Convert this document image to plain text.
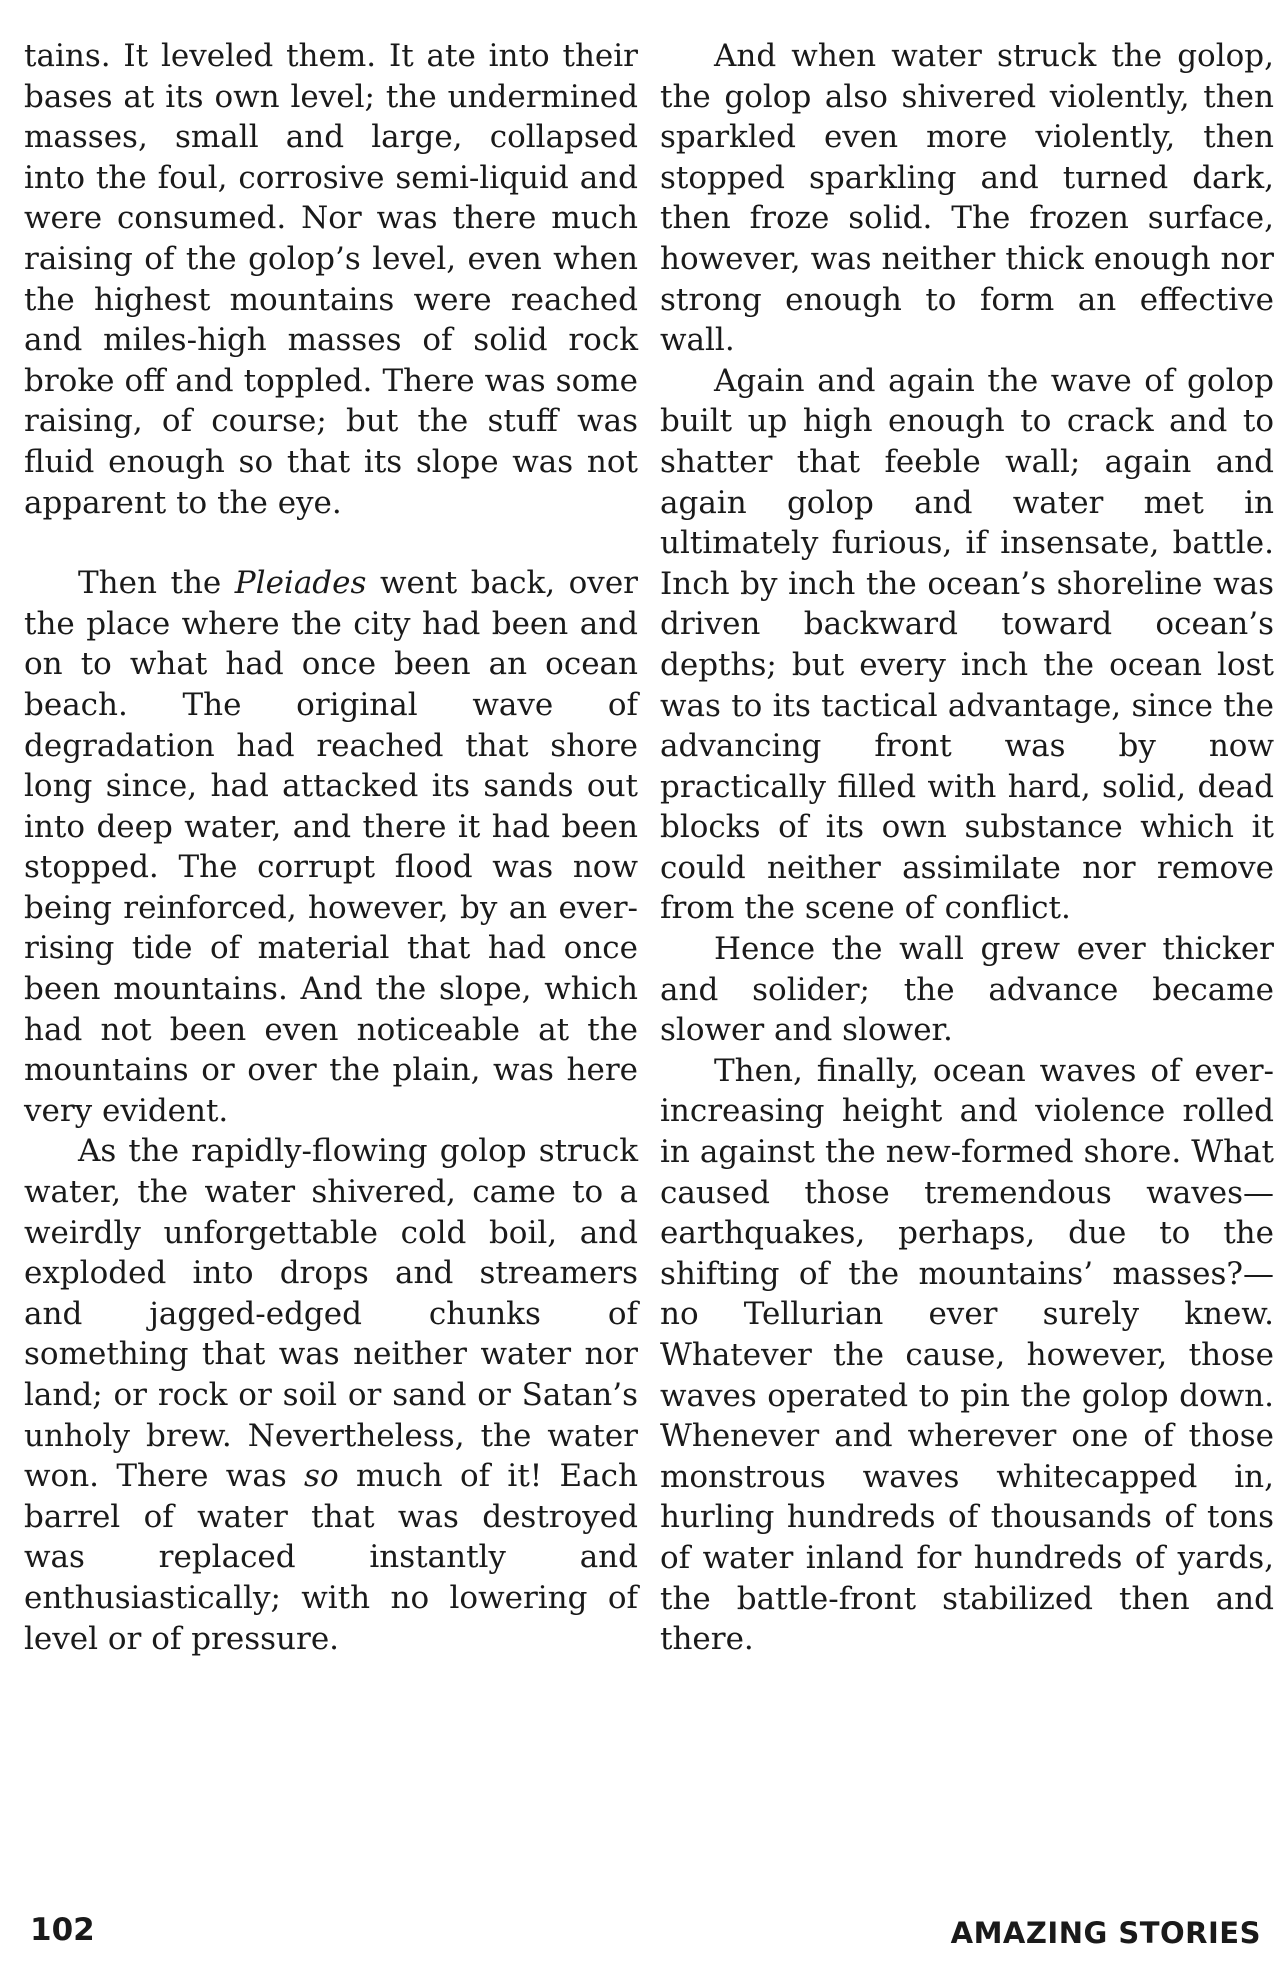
tains. It leveled them. It ate into their bases at its own level; the undermined masses, small and large, collapsed into the foul, corrosive semi-liquid and were consumed. Nor was there much raising of the golop’s level, even when the highest mountains were reached and miles-high masses of solid rock broke off and toppled. There was some raising, of course; but the stuff was fluid enough so that its slope was not apparent to the eye.

Then the Pleiades went back, over the place where the city had been and on to what had once been an ocean beach. The original wave of degradation had reached that shore long since, had attacked its sands out into deep water, and there it had been stopped. The corrupt flood was now being reinforced, however, by an ever-rising tide of material that had once been mountains. And the slope, which had not been even noticeable at the mountains or over the plain, was here very evident.

As the rapidly-flowing golop struck water, the water shivered, came to a weirdly unforgettable cold boil, and exploded into drops and streamers and jagged-edged chunks of something that was neither water nor land; or rock or soil or sand or Satan’s unholy brew. Nevertheless, the water won. There was so much of it! Each barrel of water that was destroyed was replaced instantly and enthusiastically; with no lowering of level or of pressure.

And when water struck the golop, the golop also shivered violently, then sparkled even more violently, then stopped sparkling and turned dark, then froze solid. The frozen surface, however, was neither thick enough nor strong enough to form an effective wall.

Again and again the wave of golop built up high enough to crack and to shatter that feeble wall; again and again golop and water met in ultimately furious, if insensate, battle. Inch by inch the ocean’s shoreline was driven backward toward ocean’s depths; but every inch the ocean lost was to its tactical advantage, since the advancing front was by now practically filled with hard, solid, dead blocks of its own substance which it could neither assimilate nor remove from the scene of conflict.

Hence the wall grew ever thicker and solider; the advance became slower and slower.

Then, finally, ocean waves of ever-increasing height and violence rolled in against the new-formed shore. What caused those tremendous waves—earthquakes, perhaps, due to the shifting of the mountains’ masses?—no Tellurian ever surely knew. Whatever the cause, however, those waves operated to pin the golop down. Whenever and wherever one of those monstrous waves whitecapped in, hurling hundreds of thousands of tons of water inland for hundreds of yards, the battle-front stabilized then and there.

102	AMAZING STORIES
